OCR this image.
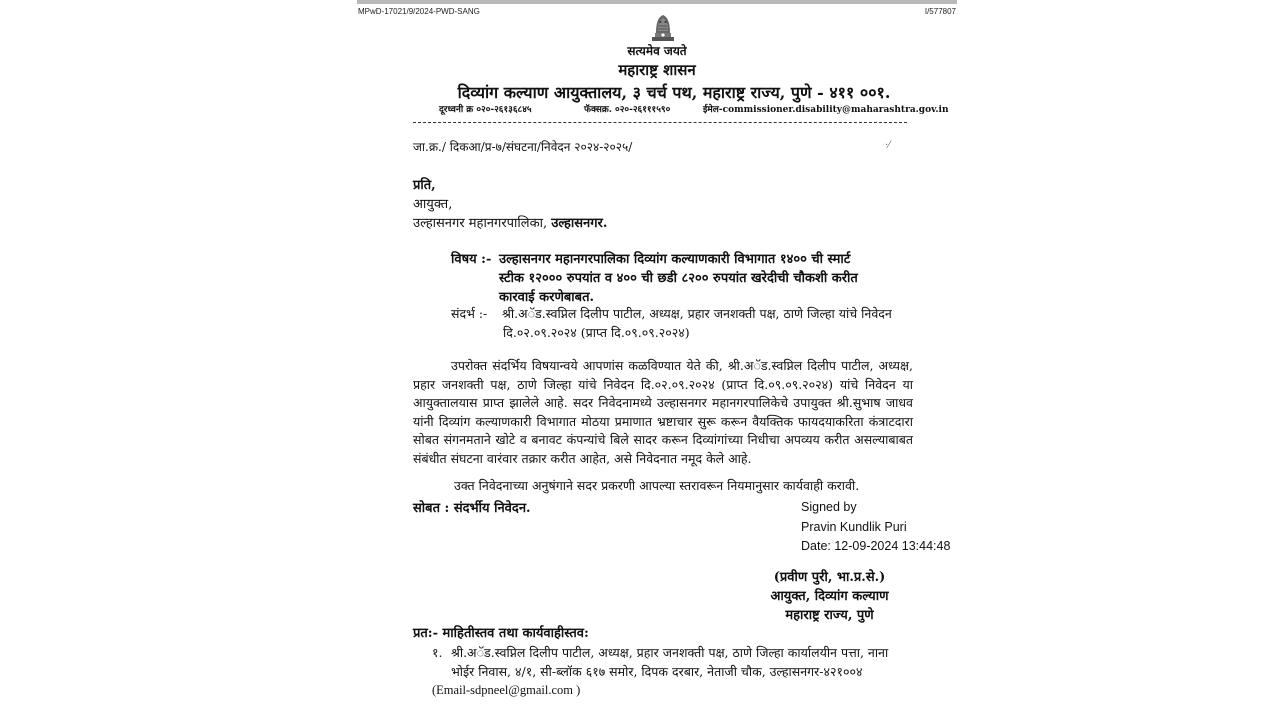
MPwD-17021/9/2024-PWD-SANG	I/577807
सत्यमेव जयते
महाराष्ट्र शासन
दिव्यांग कल्याण आयुक्तालय, ३ चर्च पथ, महाराष्ट्र राज्य, पुणे - ४११ ००१.
दूरध्वनी क्र ०२०-२६१३६८४५	फॅक्सक्र. ०२०-२६१११५९०	ईमेल-commissioner.disability@maharashtra.gov.in
जा.क्र./ दिकआ/प्र-७/संघटना/निवेदन २०२४-२०२५/	·⁄
प्रति,
आयुक्त,
उल्हासनगर महानगरपालिका, उल्हासनगर.
विषय :- उल्हासनगर महानगरपालिका दिव्यांग कल्याणकारी विभागात १४०० ची स्मार्ट
स्टीक १२००० रुपयांत व ४०० ची छडी ८२०० रुपयांत खरेदीची चौकशी करीत
कारवाई करणेबाबत.
संदर्भ :- श्री.अॅड.स्वप्निल दिलीप पाटील, अध्यक्ष, प्रहार जनशक्ती पक्ष, ठाणे जिल्हा यांचे निवेदन
दि.०२.०९.२०२४ (प्राप्त दि.०९.०९.२०२४)
उपरोक्त संदर्भिय विषयान्वये आपणांस कळविण्यात येते की, श्री.अॅड.स्वप्निल दिलीप पाटील, अध्यक्ष, प्रहार जनशक्ती पक्ष, ठाणे जिल्हा यांचे निवेदन दि.०२.०९.२०२४ (प्राप्त दि.०९.०९.२०२४) यांचे निवेदन या आयुक्तालयास प्राप्त झालेले आहे. सदर निवेदनामध्ये उल्हासनगर महानगरपालिकेचे उपायुक्त श्री.सुभाष जाधव यांनी दिव्यांग कल्याणकारी विभागात मोठया प्रमाणात भ्रष्टाचार सुरू करून वैयक्तिक फायदयाकरिता कंत्राटदारा सोबत संगनमताने खोटे व बनावट कंपन्यांचे बिले सादर करून दिव्यांगांच्या निधीचा अपव्यय करीत असल्याबाबत संबंधीत संघटना वारंवार तक्रार करीत आहेत, असे निवेदनात नमूद केले आहे.
उक्त निवेदनाच्या अनुषंगाने सदर प्रकरणी आपल्या स्तरावरून नियमानुसार कार्यवाही करावी.
सोबत : संदर्भीय निवेदन.	Signed by
Pravin Kundlik Puri
Date: 12-09-2024 13:44:48
(प्रवीण पुरी, भा.प्र.से.)
आयुक्त, दिव्यांग कल्याण
महाराष्ट्र राज्य, पुणे
प्रत:- माहितीस्तव तथा कार्यवाहीस्तव:
१. श्री.अॅड.स्वप्निल दिलीप पाटील, अध्यक्ष, प्रहार जनशक्ती पक्ष, ठाणे जिल्हा कार्यालयीन पत्ता, नाना
भोईर निवास, ४/१, सी-ब्लॉक ६१७ समोर, दिपक दरबार, नेताजी चौक, उल्हासनगर-४२१००४
(Email-sdpneel@gmail.com )
